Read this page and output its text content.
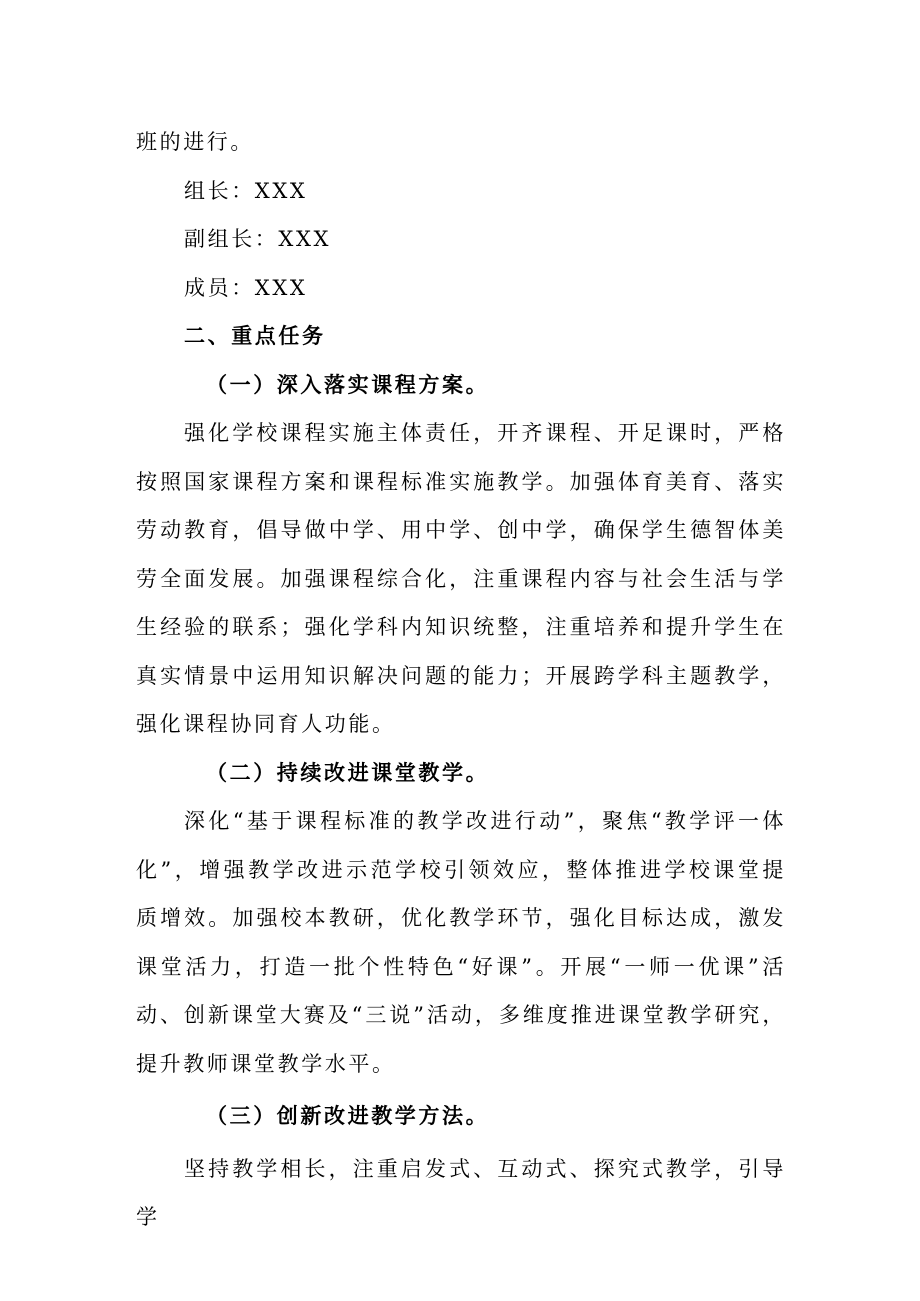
班的进行。
组长：XXX
副组长：XXX
成员：XXX
二、重点任务
（一）深入落实课程方案。

强化学校课程实施主体责任，开齐课程、开足课时，严格按照国家课程方案和课程标准实施教学。加强体育美育、落实劳动教育，倡导做中学、用中学、创中学，确保学生德智体美劳全面发展。加强课程综合化，注重课程内容与社会生活与学生经验的联系；强化学科内知识统整，注重培养和提升学生在真实情景中运用知识解决问题的能力；开展跨学科主题教学，强化课程协同育人功能。

（二）持续改进课堂教学。

深化“基于课程标准的教学改进行动”，聚焦“教学评一体化”，增强教学改进示范学校引领效应，整体推进学校课堂提质增效。加强校本教研，优化教学环节，强化目标达成，激发课堂活力，打造一批个性特色“好课”。开展“一师一优课”活动、创新课堂大赛及“三说”活动，多维度推进课堂教学研究，提升教师课堂教学水平。

（三）创新改进教学方法。

坚持教学相长，注重启发式、互动式、探究式教学，引导学
